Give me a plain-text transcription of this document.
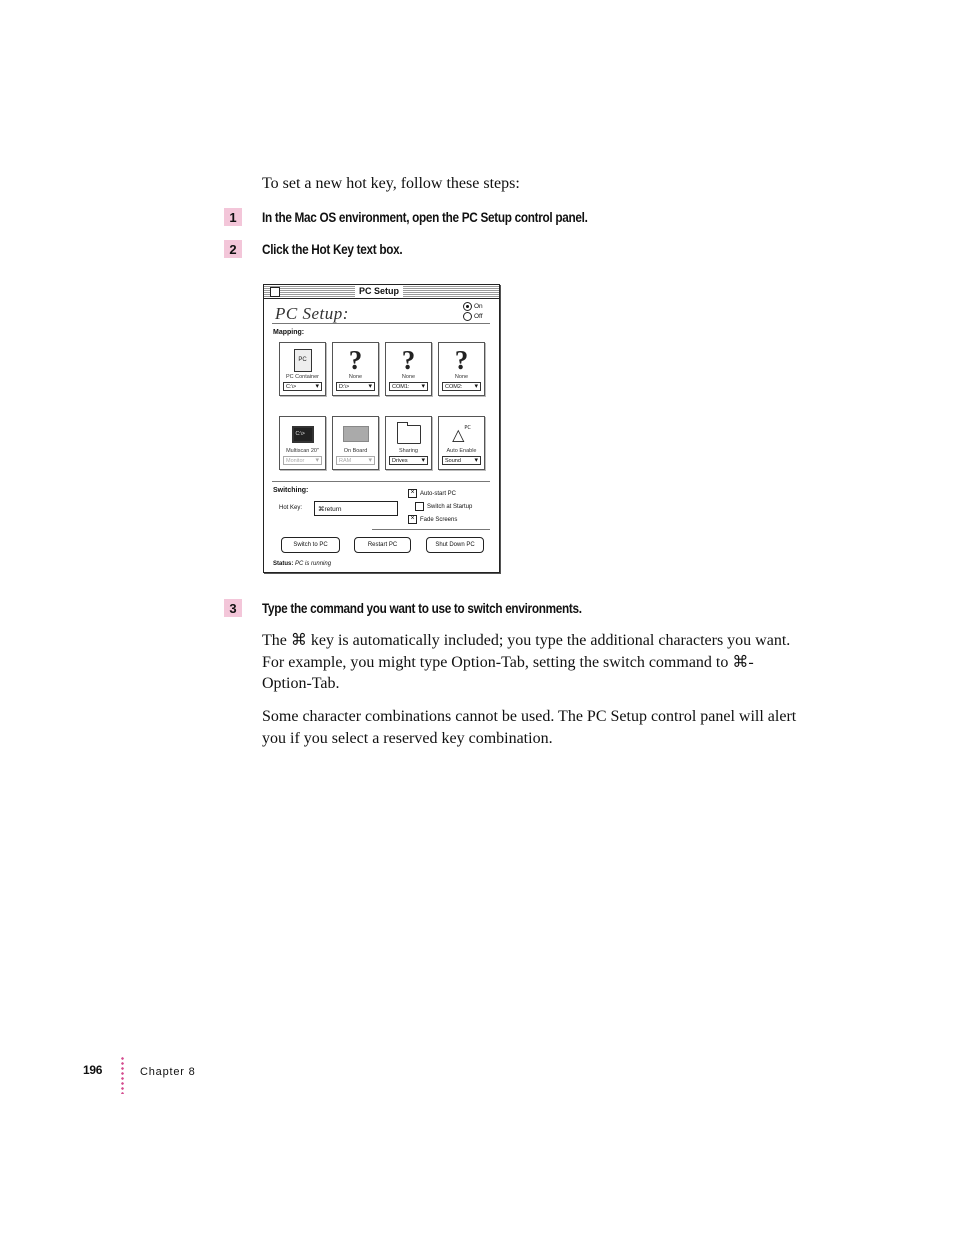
To set a new hot key, follow these steps:
1	In the Mac OS environment, open the PC Setup control panel.
2	Click the Hot Key text box.
PC Setup
PC Setup:	On
Off
Mapping:
PC
PC Container
C:\> ▾
?
None
D:\> ▾
?
None
COM1: ▾
?
None
COM2: ▾
C:\>
Multiscan 20"
Monitor ▾
On Board
RAM ▾
Sharing
Drives ▾
△$^{PC}$
Auto Enable
Sound ▾
Switching:
Hot Key:	⌘return
× Auto-start PC
Switch at Startup
× Fade Screens
Switch to PC	Restart PC	Shut Down PC
Status: PC is running
3	Type the command you want to use to switch environments.
The ⌘ key is automatically included; you type the additional characters you want. For example, you might type Option-Tab, setting the switch command to ⌘-Option-Tab.
Some character combinations cannot be used. The PC Setup control panel will alert you if you select a reserved key combination.
196	Chapter 8
